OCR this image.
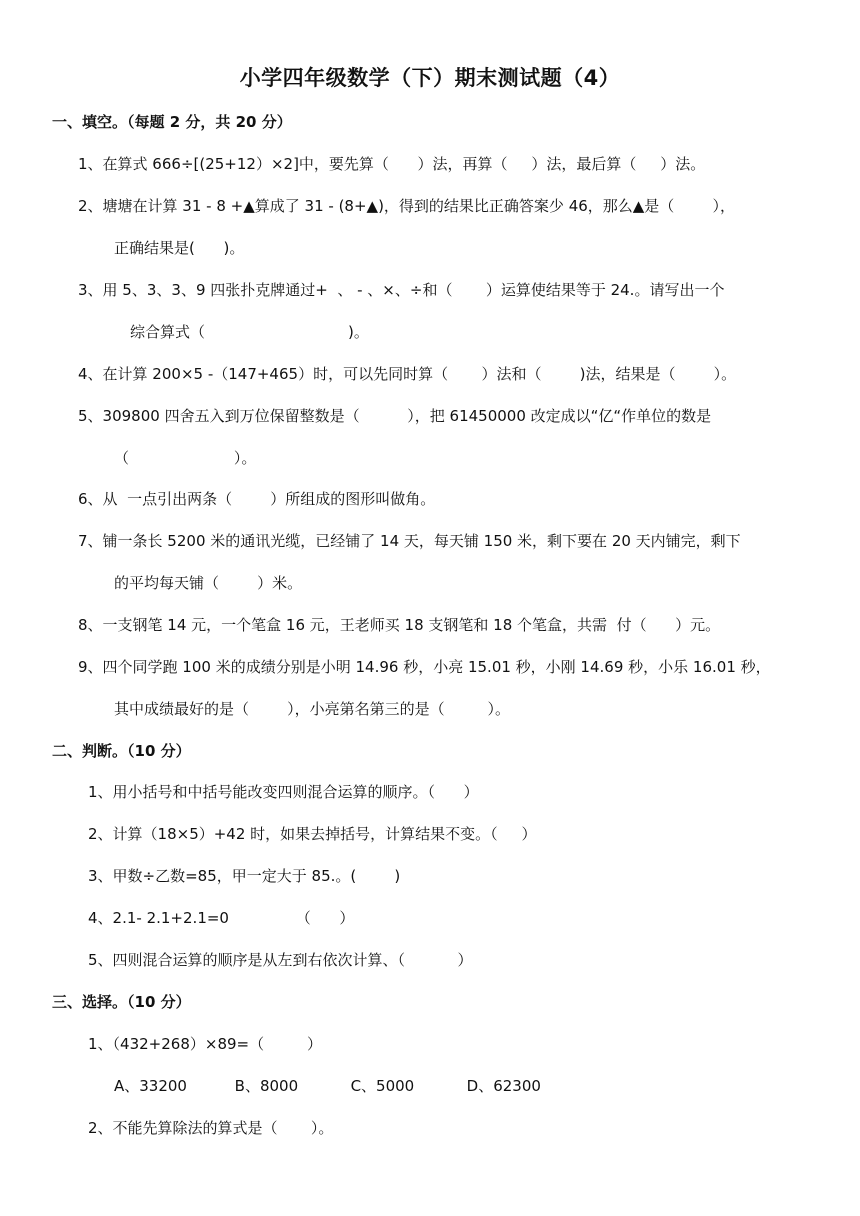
小学四年级数学（下）期末测试题（4）
一、填空。（每题 2 分，共 20 分）
1、在算式 666÷[(25+12）×2]中，要先算（      ）法，再算（     ）法，最后算（     ）法。
2、塘塘在计算 31 - 8 +▲算成了 31 - (8+▲)，得到的结果比正确答案少 46，那么▲是（        ），
正确结果是(      )。
3、用 5、3、3、9 四张扑克牌通过+  、 - 、×、÷和（       ）运算使结果等于 24.。请写出一个
综合算式（                              )。
4、在计算 200×5 -（147+465）时，可以先同时算（       ）法和（        )法，结果是（        ）。
5、309800 四舍五入到万位保留整数是（          ），把 61450000 改定成以“亿“作单位的数是
（                      ）。
6、从  一点引出两条（        ）所组成的图形叫做角。
7、铺一条长 5200 米的通讯光缆，已经铺了 14 天，每天铺 150 米，剩下要在 20 天内铺完，剩下
的平均每天铺（        ）米。
8、一支钢笔 14 元，一个笔盒 16 元，王老师买 18 支钢笔和 18 个笔盒，共需  付（      ）元。
9、四个同学跑 100 米的成绩分别是小明 14.96 秒，小亮 15.01 秒，小刚 14.69 秒，小乐 16.01 秒，
其中成绩最好的是（        ），小亮第名第三的是（         ）。
二、判断。（10 分）
1、用小括号和中括号能改变四则混合运算的顺序。（      ）
2、计算（18×5）+42 时，如果去掉括号，计算结果不变。（     ）
3、甲数÷乙数=85，甲一定大于 85.。(        )
4、2.1- 2.1+2.1=0              （      ）
5、四则混合运算的顺序是从左到右依次计算、（           ）
三、选择。（10 分）
1、（432+268）×89=（         ）
A、33200          B、8000           C、5000           D、62300
2、不能先算除法的算式是（       ）。
